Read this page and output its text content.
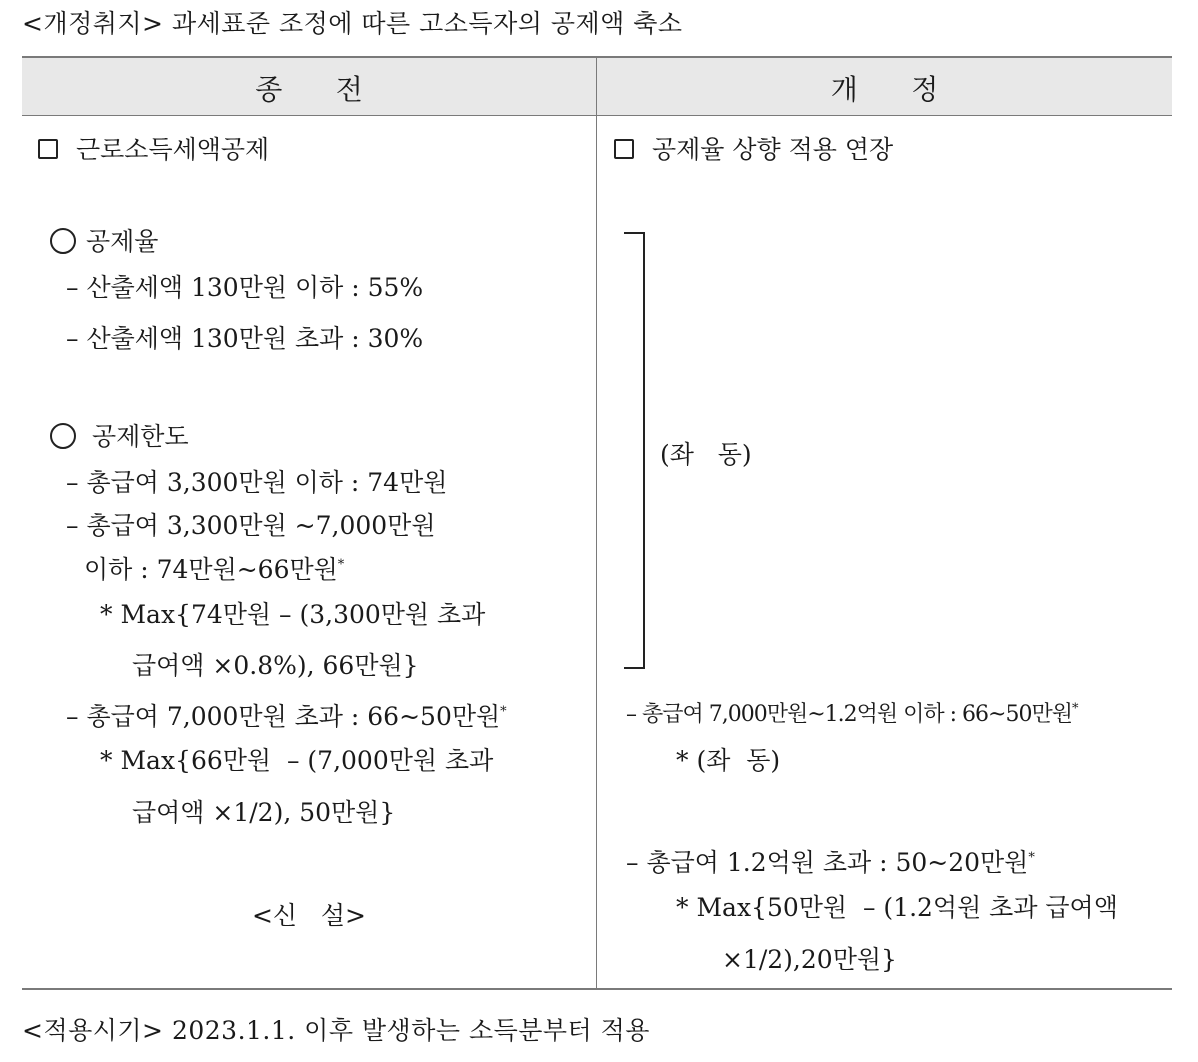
<개정취지> 과세표준 조정에 따른 고소득자의 공제액 축소
종      전	개      정
근로소득세액공제
공제율
– 산출세액 130만원 이하 : 55%
– 산출세액 130만원 초과 : 30%
공제한도
– 총급여 3,300만원 이하 : 74만원
– 총급여 3,300만원 ~7,000만원
이하 : 74만원~66만원*
* Max{74만원 – (3,300만원 초과
급여액 ×0.8%), 66만원}
– 총급여 7,000만원 초과 : 66~50만원*
* Max{66만원  – (7,000만원 초과
급여액 ×1/2), 50만원}
<신   설>
공제율 상향 적용 연장
(좌   동)
– 총급여 7,000만원~1.2억원 이하 : 66~50만원*
* (좌  동)
– 총급여 1.2억원 초과 : 50~20만원*
* Max{50만원  – (1.2억원 초과 급여액
×1/2),20만원}
<적용시기> 2023.1.1. 이후 발생하는 소득분부터 적용
